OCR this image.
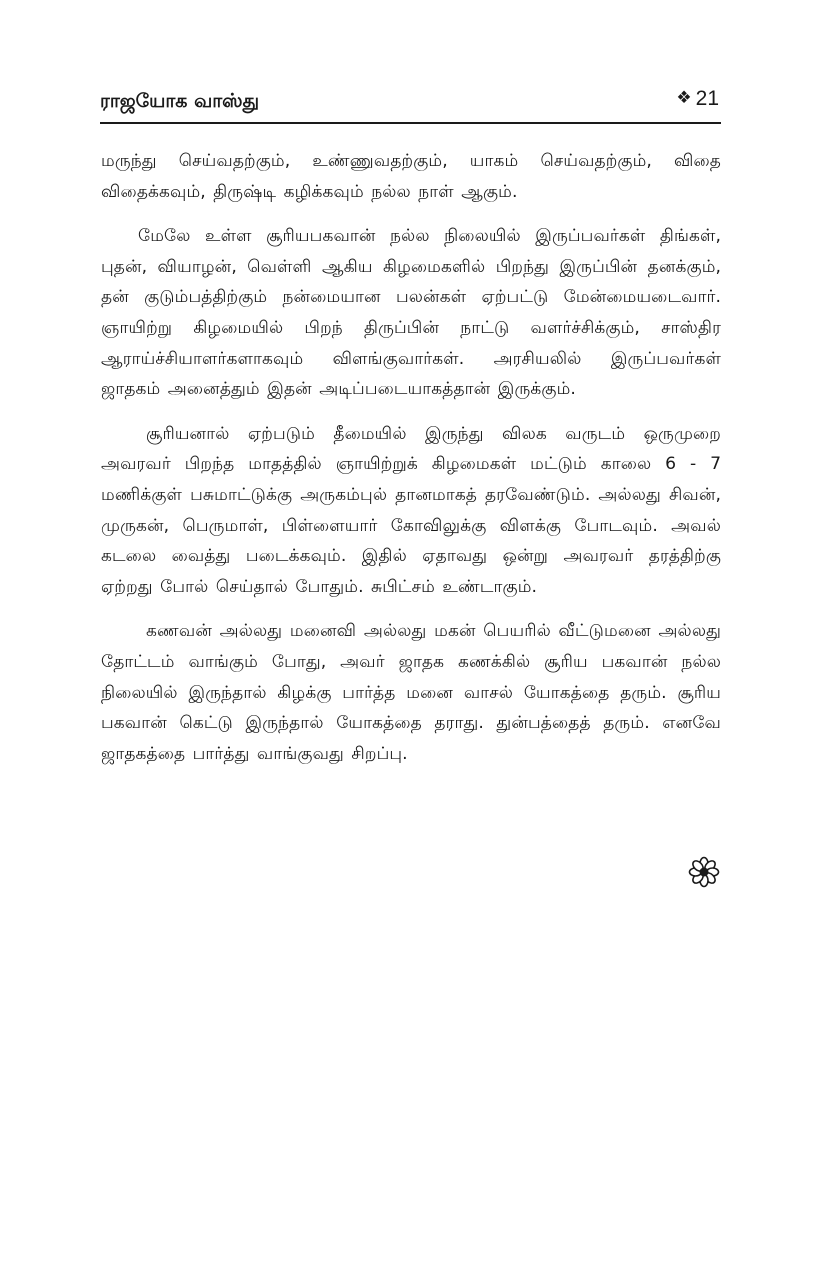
ராஜயோக வாஸ்து	❖ 21

மருந்து செய்வதற்கும், உண்ணுவதற்கும், யாகம் செய்வதற்கும், விதை விதைக்கவும், திருஷ்டி கழிக்கவும் நல்ல நாள் ஆகும்.

மேலே உள்ள சூரியபகவான் நல்ல நிலையில் இருப்பவர்கள் திங்கள், புதன், வியாழன், வெள்ளி ஆகிய கிழமைகளில் பிறந்து இருப்பின் தனக்கும், தன் குடும்பத்திற்கும் நன்மையான பலன்கள் ஏற்பட்டு மேன்மையடைவார். ஞாயிற்று கிழமையில் பிறந் திருப்பின் நாட்டு வளர்ச்சிக்கும், சாஸ்திர ஆராய்ச்சியாளர்களாகவும் விளங்குவார்கள். அரசியலில் இருப்பவர்கள் ஜாதகம் அனைத்தும் இதன் அடிப்படையாகத்தான் இருக்கும்.

சூரியனால் ஏற்படும் தீமையில் இருந்து விலக வருடம் ஒருமுறை அவரவர் பிறந்த மாதத்தில் ஞாயிற்றுக் கிழமைகள் மட்டும் காலை 6 - 7 மணிக்குள் பசுமாட்டுக்கு அருகம்புல் தானமாகத் தரவேண்டும். அல்லது சிவன், முருகன், பெருமாள், பிள்ளையார் கோவிலுக்கு விளக்கு போடவும். அவல் கடலை வைத்து படைக்கவும். இதில் ஏதாவது ஒன்று அவரவர் தரத்திற்கு ஏற்றது போல் செய்தால் போதும். சுபிட்சம் உண்டாகும்.

கணவன் அல்லது மனைவி அல்லது மகன் பெயரில் வீட்டுமனை அல்லது தோட்டம் வாங்கும் போது, அவர் ஜாதக கணக்கில் சூரிய பகவான் நல்ல நிலையில் இருந்தால் கிழக்கு பார்த்த மனை வாசல் யோகத்தை தரும். சூரிய பகவான் கெட்டு இருந்தால் யோகத்தை தராது. துன்பத்தைத் தரும். எனவே ஜாதகத்தை பார்த்து வாங்குவது சிறப்பு.
